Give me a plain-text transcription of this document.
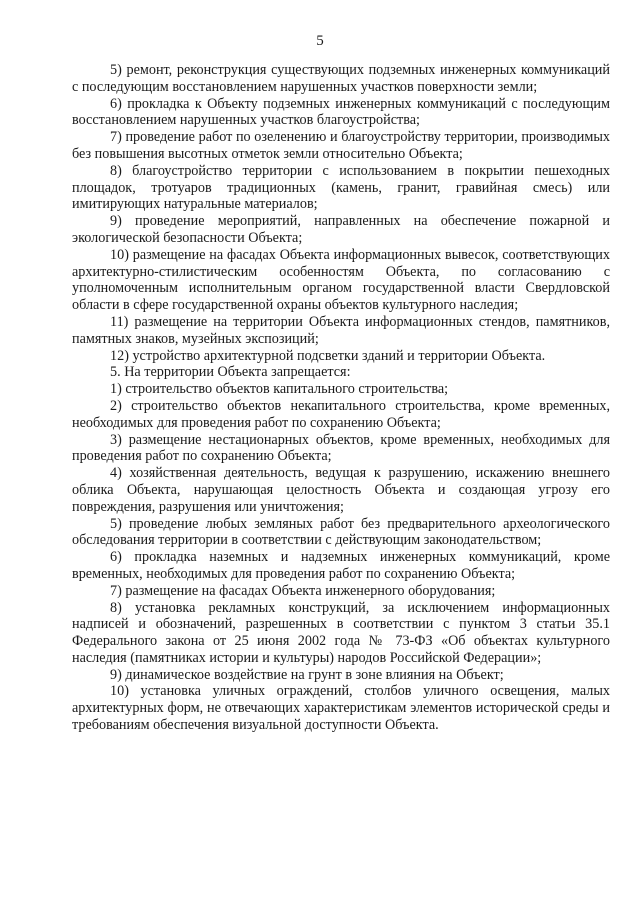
5

5) ремонт, реконструкция существующих подземных инженерных коммуникаций с последующим восстановлением нарушенных участков поверхности земли;

6) прокладка к Объекту подземных инженерных коммуникаций с последующим восстановлением нарушенных участков благоустройства;

7) проведение работ по озеленению и благоустройству территории, производимых без повышения высотных отметок земли относительно Объекта;

8) благоустройство территории с использованием в покрытии пешеходных площадок, тротуаров традиционных (камень, гранит, гравийная смесь) или имитирующих натуральные материалов;

9) проведение мероприятий, направленных на обеспечение пожарной и экологической безопасности Объекта;

10) размещение на фасадах Объекта информационных вывесок, соответствующих архитектурно-стилистическим особенностям Объекта, по согласованию с уполномоченным исполнительным органом государственной власти Свердловской области в сфере государственной охраны объектов культурного наследия;

11) размещение на территории Объекта информационных стендов, памятников, памятных знаков, музейных экспозиций;

12) устройство архитектурной подсветки зданий и территории Объекта.

5. На территории Объекта запрещается:

1) строительство объектов капитального строительства;

2) строительство объектов некапитального строительства, кроме временных, необходимых для проведения работ по сохранению Объекта;

3) размещение нестационарных объектов, кроме временных, необходимых для проведения работ по сохранению Объекта;

4) хозяйственная деятельность, ведущая к разрушению, искажению внешнего облика Объекта, нарушающая целостность Объекта и создающая угрозу его повреждения, разрушения или уничтожения;

5) проведение любых земляных работ без предварительного археологического обследования территории в соответствии с действующим законодательством;

6) прокладка наземных и надземных инженерных коммуникаций, кроме временных, необходимых для проведения работ по сохранению Объекта;

7) размещение на фасадах Объекта инженерного оборудования;

8) установка рекламных конструкций, за исключением информационных надписей и обозначений, разрешенных в соответствии с пунктом 3 статьи 35.1 Федерального закона от 25 июня 2002 года № 73-ФЗ «Об объектах культурного наследия (памятниках истории и культуры) народов Российской Федерации»;

9) динамическое воздействие на грунт в зоне влияния на Объект;

10) установка уличных ограждений, столбов уличного освещения, малых архитектурных форм, не отвечающих характеристикам элементов исторической среды и требованиям обеспечения визуальной доступности Объекта.
